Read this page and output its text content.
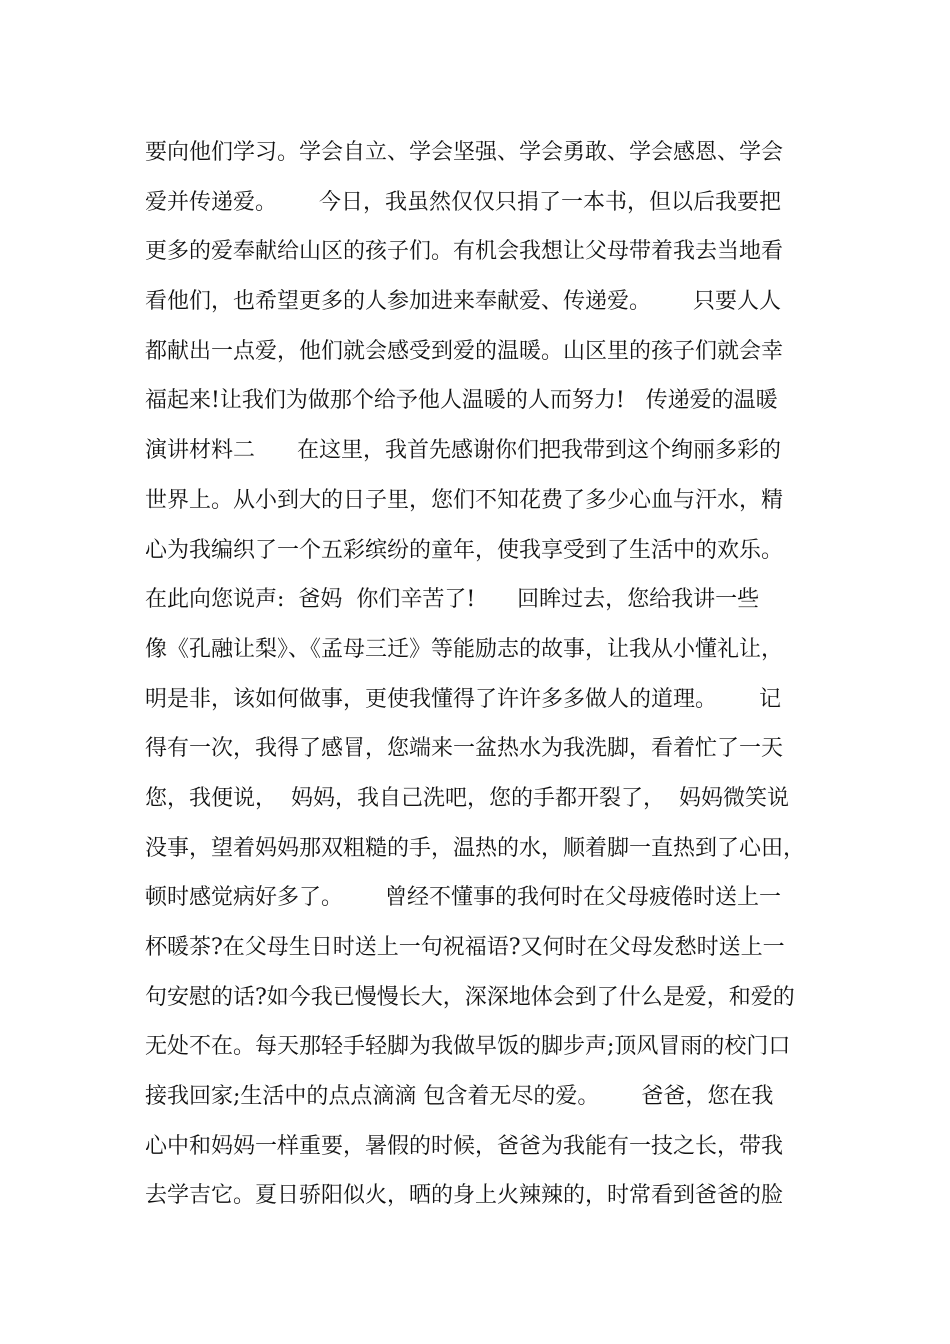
要向他们学习。学会自立、学会坚强、学会勇敢、学会感恩、学会
爱并传递爱。      今日，我虽然仅仅只捐了一本书，但以后我要把
更多的爱奉献给山区的孩子们。有机会我想让父母带着我去当地看
看他们，也希望更多的人参加进来奉献爱、传递爱。      只要人人
都献出一点爱，他们就会感受到爱的温暖。山区里的孩子们就会幸
福起来!让我们为做那个给予他人温暖的人而努力!   传递爱的温暖
演讲材料二      在这里，我首先感谢你们把我带到这个绚丽多彩的
世界上。从小到大的日子里，您们不知花费了多少心血与汗水，精
心为我编织了一个五彩缤纷的童年，使我享受到了生活中的欢乐。
在此向您说声:  爸妈  你们辛苦了!      回眸过去，您给我讲一些
像《孔融让梨》、《孟母三迁》等能励志的故事，让我从小懂礼让，
明是非，该如何做事，更使我懂得了许许多多做人的道理。      记
得有一次，我得了感冒，您端来一盆热水为我洗脚，看着忙了一天
您，我便说，  妈妈，我自己洗吧，您的手都开裂了，  妈妈微笑说
没事，望着妈妈那双粗糙的手，温热的水，顺着脚一直热到了心田，
顿时感觉病好多了。      曾经不懂事的我何时在父母疲倦时送上一
杯暖茶?在父母生日时送上一句祝福语?又何时在父母发愁时送上一
句安慰的话?如今我已慢慢长大，深深地体会到了什么是爱，和爱的
无处不在。每天那轻手轻脚为我做早饭的脚步声;顶风冒雨的校门口
接我回家;生活中的点点滴滴 包含着无尽的爱。      爸爸，您在我
心中和妈妈一样重要，暑假的时候，爸爸为我能有一技之长，带我
去学吉它。夏日骄阳似火，晒的身上火辣辣的，时常看到爸爸的脸
